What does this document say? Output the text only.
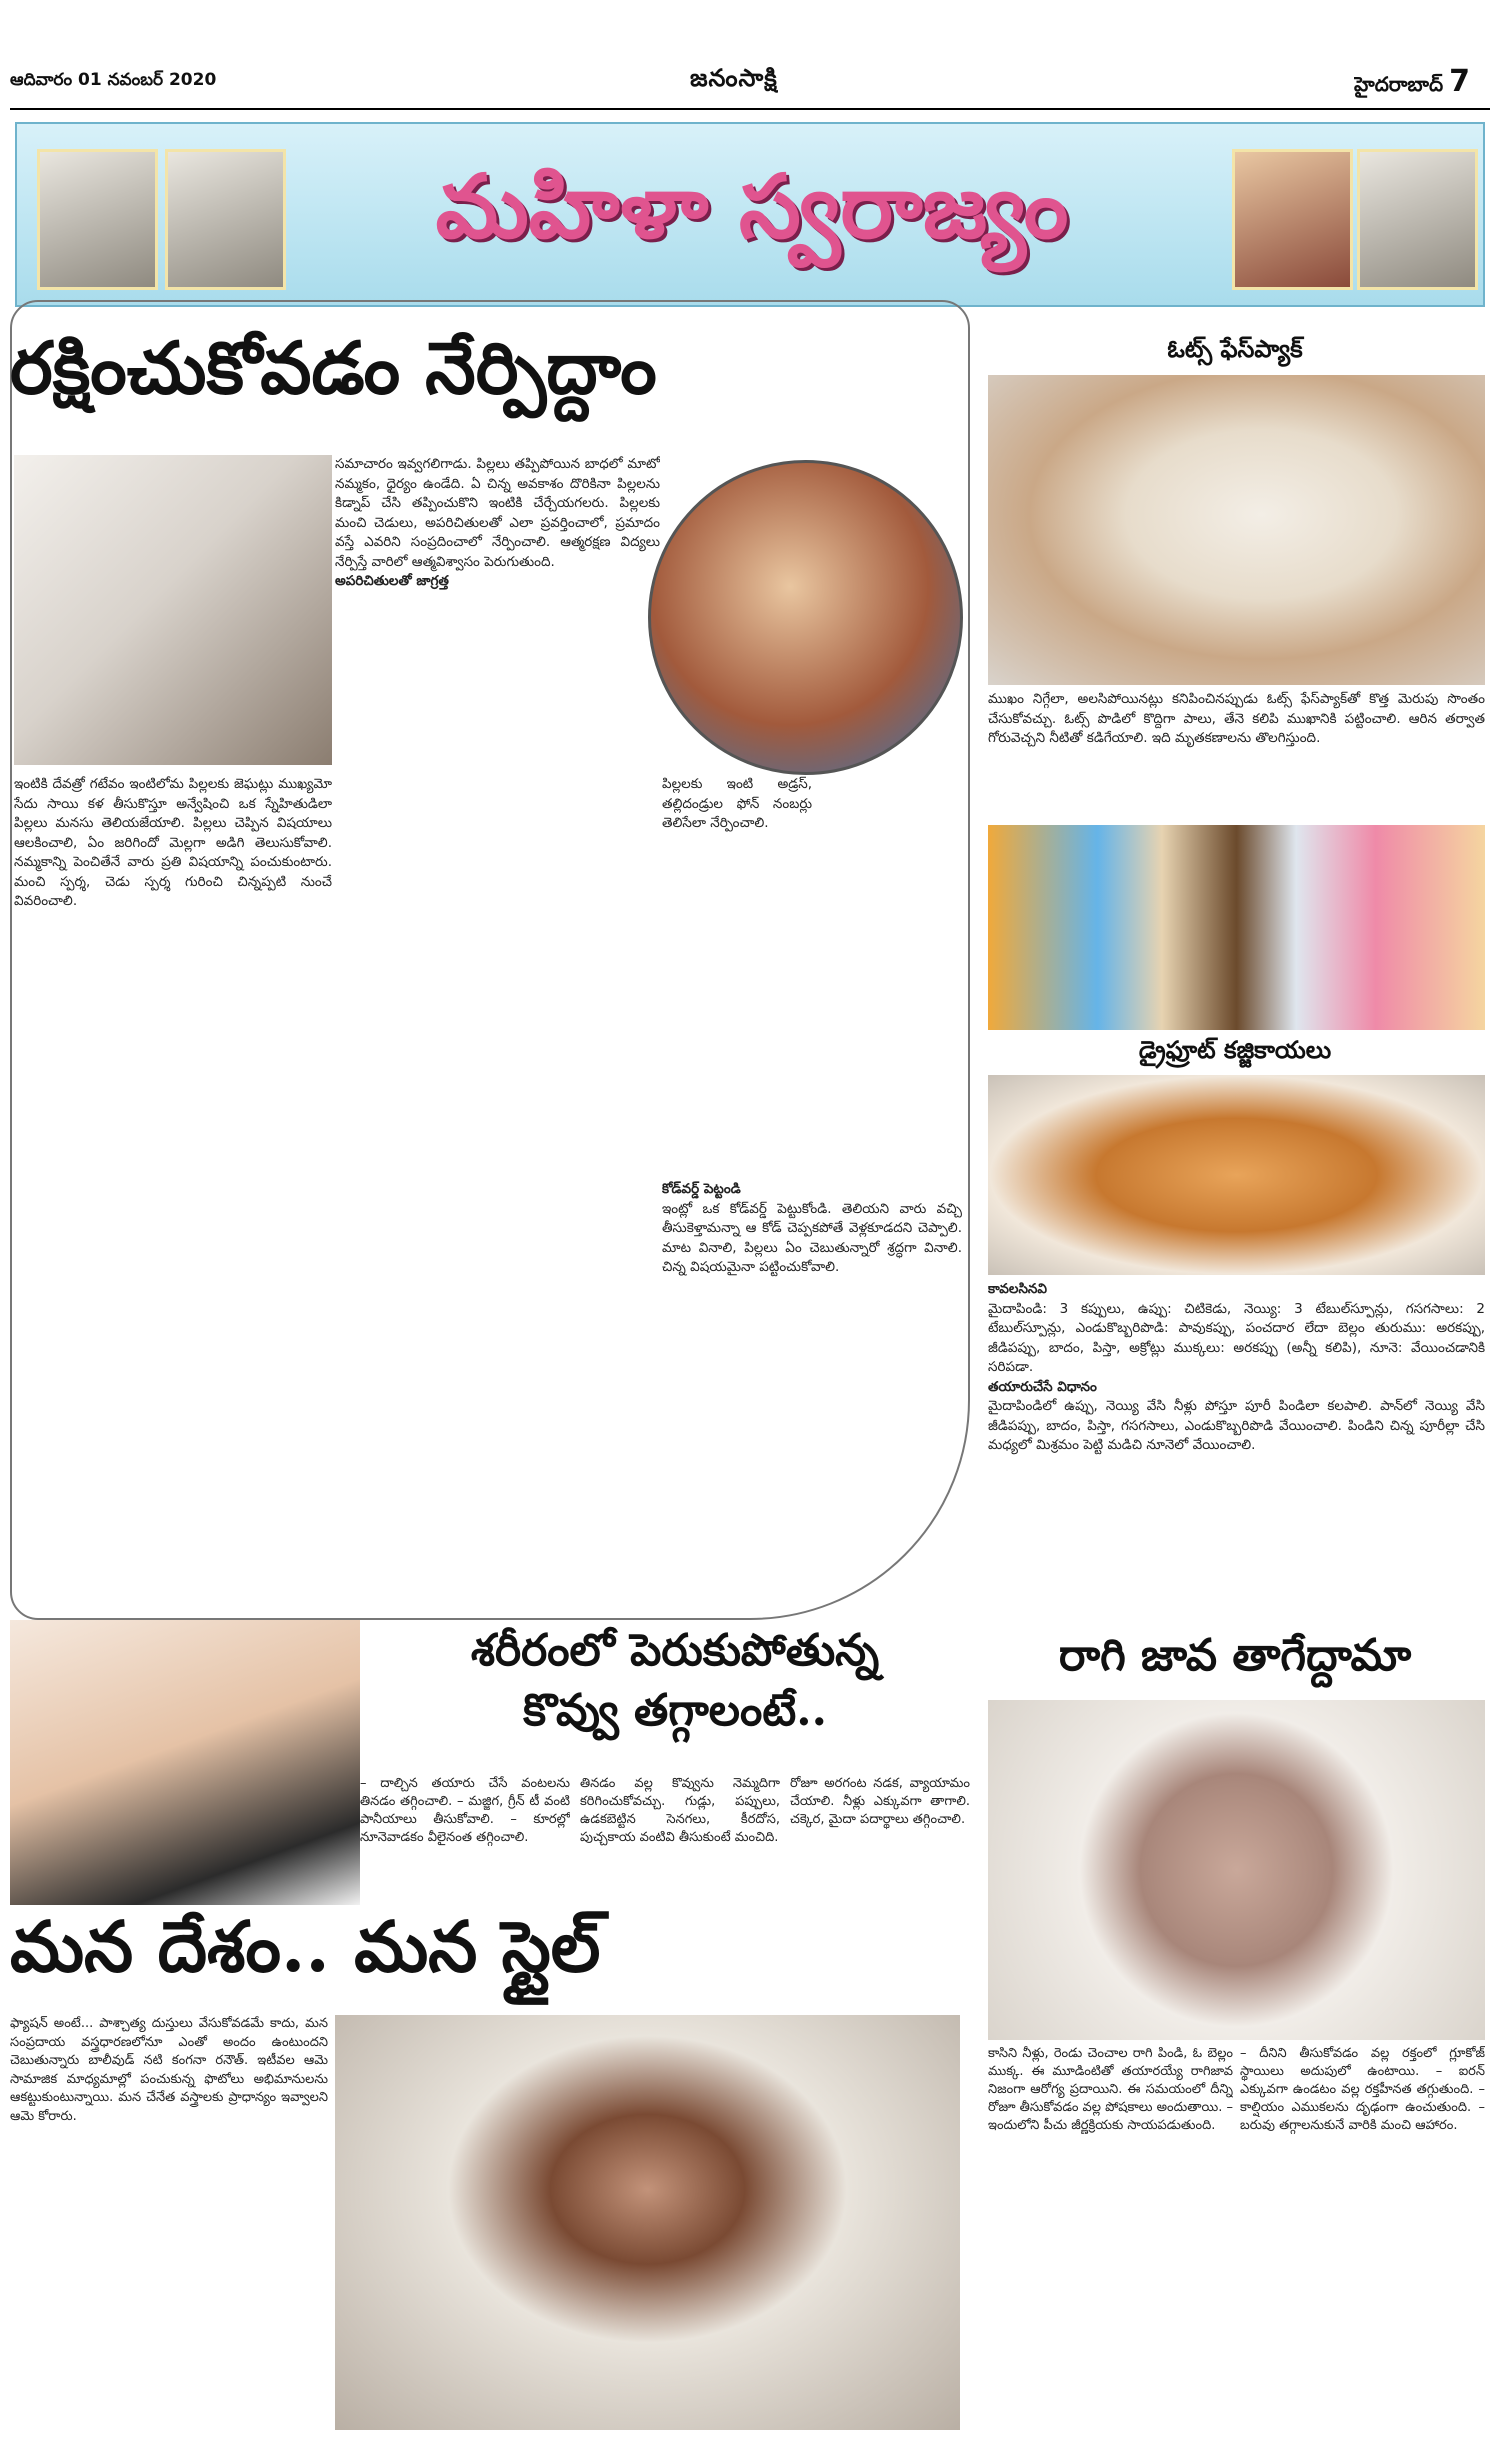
ఆదివారం 01 నవంబర్ 2020	జనంసాక్షి	హైదరాబాద్ 7
మహిళా స్వరాజ్యం
రక్షించుకోవడం నేర్పిద్దాం
ఇంటికి దేవత్రో గటేవం ఇంటిలోమ పిల్లలకు జెఘట్లు ముఖ్యమో సేదు సాయి కళ తీసుకొస్తూ అన్వేషించి ఒక స్నేహితుడిలా పిల్లలు మనసు తెలియజేయాలి. పిల్లలు చెప్పిన విషయాలు ఆలకించాలి, ఏం జరిగిందో మెల్లగా అడిగి తెలుసుకోవాలి. నమ్మకాన్ని పెంచితేనే వారు ప్రతి విషయాన్ని పంచుకుంటారు. మంచి స్పర్శ, చెడు స్పర్శ గురించి చిన్నప్పటి నుంచే వివరించాలి.
సమాచారం ఇవ్వగలిగాడు. పిల్లలు తప్పిపోయిన బాధలో మాటో నమ్మకం, ధైర్యం ఉండేది. ఏ చిన్న అవకాశం దొరికినా పిల్లలను కిడ్నాప్ చేసి తప్పించుకొని ఇంటికి చేర్చేయగలరు. పిల్లలకు మంచి చెడులు, అపరిచితులతో ఎలా ప్రవర్తించాలో, ప్రమాదం వస్తే ఎవరిని సంప్రదించాలో నేర్పించాలి. ఆత్మరక్షణ విద్యలు నేర్పిస్తే వారిలో ఆత్మవిశ్వాసం పెరుగుతుంది.
అపరిచితులతో జాగ్రత్త
పిల్లలకు ఇంటి అడ్రస్, తల్లిదండ్రుల ఫోన్ నంబర్లు తెలిసేలా నేర్పించాలి.
కోడ్‌వర్డ్ పెట్టండి
ఇంట్లో ఒక కోడ్‌వర్డ్ పెట్టుకోండి. తెలియని వారు వచ్చి తీసుకెళ్తామన్నా ఆ కోడ్ చెప్పకపోతే వెళ్లకూడదని చెప్పాలి. మాట వినాలి, పిల్లలు ఏం చెబుతున్నారో శ్రద్ధగా వినాలి. చిన్న విషయమైనా పట్టించుకోవాలి.
ఓట్స్ ఫేస్‌ప్యాక్
ముఖం నిగ్గేలా, అలసిపోయినట్లు కనిపించినప్పుడు ఓట్స్ ఫేస్‌ప్యాక్‌తో కొత్త మెరుపు సొంతం చేసుకోవచ్చు. ఓట్స్ పొడిలో కొద్దిగా పాలు, తేనె కలిపి ముఖానికి పట్టించాలి. ఆరిన తర్వాత గోరువెచ్చని నీటితో కడిగేయాలి. ఇది మృతకణాలను తొలగిస్తుంది.
డ్రైఫ్రూట్ కజ్జికాయలు
కావలసినవి
మైదాపిండి: 3 కప్పులు, ఉప్పు: చిటికెడు, నెయ్యి: 3 టేబుల్‌స్పూన్లు, గసగసాలు: 2 టేబుల్‌స్పూన్లు, ఎండుకొబ్బరిపొడి: పావుకప్పు, పంచదార లేదా బెల్లం తురుము: అరకప్పు, జీడిపప్పు, బాదం, పిస్తా, అక్రోట్లు ముక్కలు: అరకప్పు (అన్నీ కలిపి), నూనె: వేయించడానికి సరిపడా.
తయారుచేసే విధానం
మైదాపిండిలో ఉప్పు, నెయ్యి వేసి నీళ్లు పోస్తూ పూరీ పిండిలా కలపాలి. పాన్‌లో నెయ్యి వేసి జీడిపప్పు, బాదం, పిస్తా, గసగసాలు, ఎండుకొబ్బరిపొడి వేయించాలి. పిండిని చిన్న పూరీల్లా చేసి మధ్యలో మిశ్రమం పెట్టి మడిచి నూనెలో వేయించాలి.
శరీరంలో పెరుకుపోతున్న
కొవ్వు తగ్గాలంటే..
– దాల్చిన తయారు చేసే వంటలను తినడం తగ్గించాలి. – మజ్జిగ, గ్రీన్ టీ వంటి పానీయాలు తీసుకోవాలి. – కూరల్లో నూనెవాడకం వీలైనంత తగ్గించాలి.
తినడం వల్ల కొవ్వును నెమ్మదిగా కరిగించుకోవచ్చు. గుడ్లు, పప్పులు, ఉడకబెట్టిన సెనగలు, కీరదోస, పుచ్చకాయ వంటివి తీసుకుంటే మంచిది.
రోజూ అరగంట నడక, వ్యాయామం చేయాలి. నీళ్లు ఎక్కువగా తాగాలి. చక్కెర, మైదా పదార్థాలు తగ్గించాలి.
రాగి జావ తాగేద్దామా
కాసిని నీళ్లు, రెండు చెంచాల రాగి పిండి, ఓ బెల్లం ముక్క. ఈ మూడింటితో తయారయ్యే రాగిజావ నిజంగా ఆరోగ్య ప్రదాయిని. ఈ సమయంలో దీన్ని రోజూ తీసుకోవడం వల్ల పోషకాలు అందుతాయి. – ఇందులోని పీచు జీర్ణక్రియకు సాయపడుతుంది.
– దీనిని తీసుకోవడం వల్ల రక్తంలో గ్లూకోజ్ స్థాయిలు అదుపులో ఉంటాయి. – ఐరన్ ఎక్కువగా ఉండటం వల్ల రక్తహీనత తగ్గుతుంది. – కాల్షియం ఎముకలను దృఢంగా ఉంచుతుంది. – బరువు తగ్గాలనుకునే వారికి మంచి ఆహారం.
మన దేశం.. మన స్టైల్
ఫ్యాషన్ అంటే... పాశ్చాత్య దుస్తులు వేసుకోవడమే కాదు, మన సంప్రదాయ వస్త్రధారణలోనూ ఎంతో అందం ఉంటుందని చెబుతున్నారు బాలీవుడ్ నటి కంగనా రనౌత్. ఇటీవల ఆమె సామాజిక మాధ్యమాల్లో పంచుకున్న ఫొటోలు అభిమానులను ఆకట్టుకుంటున్నాయి. మన చేనేత వస్త్రాలకు ప్రాధాన్యం ఇవ్వాలని ఆమె కోరారు.
